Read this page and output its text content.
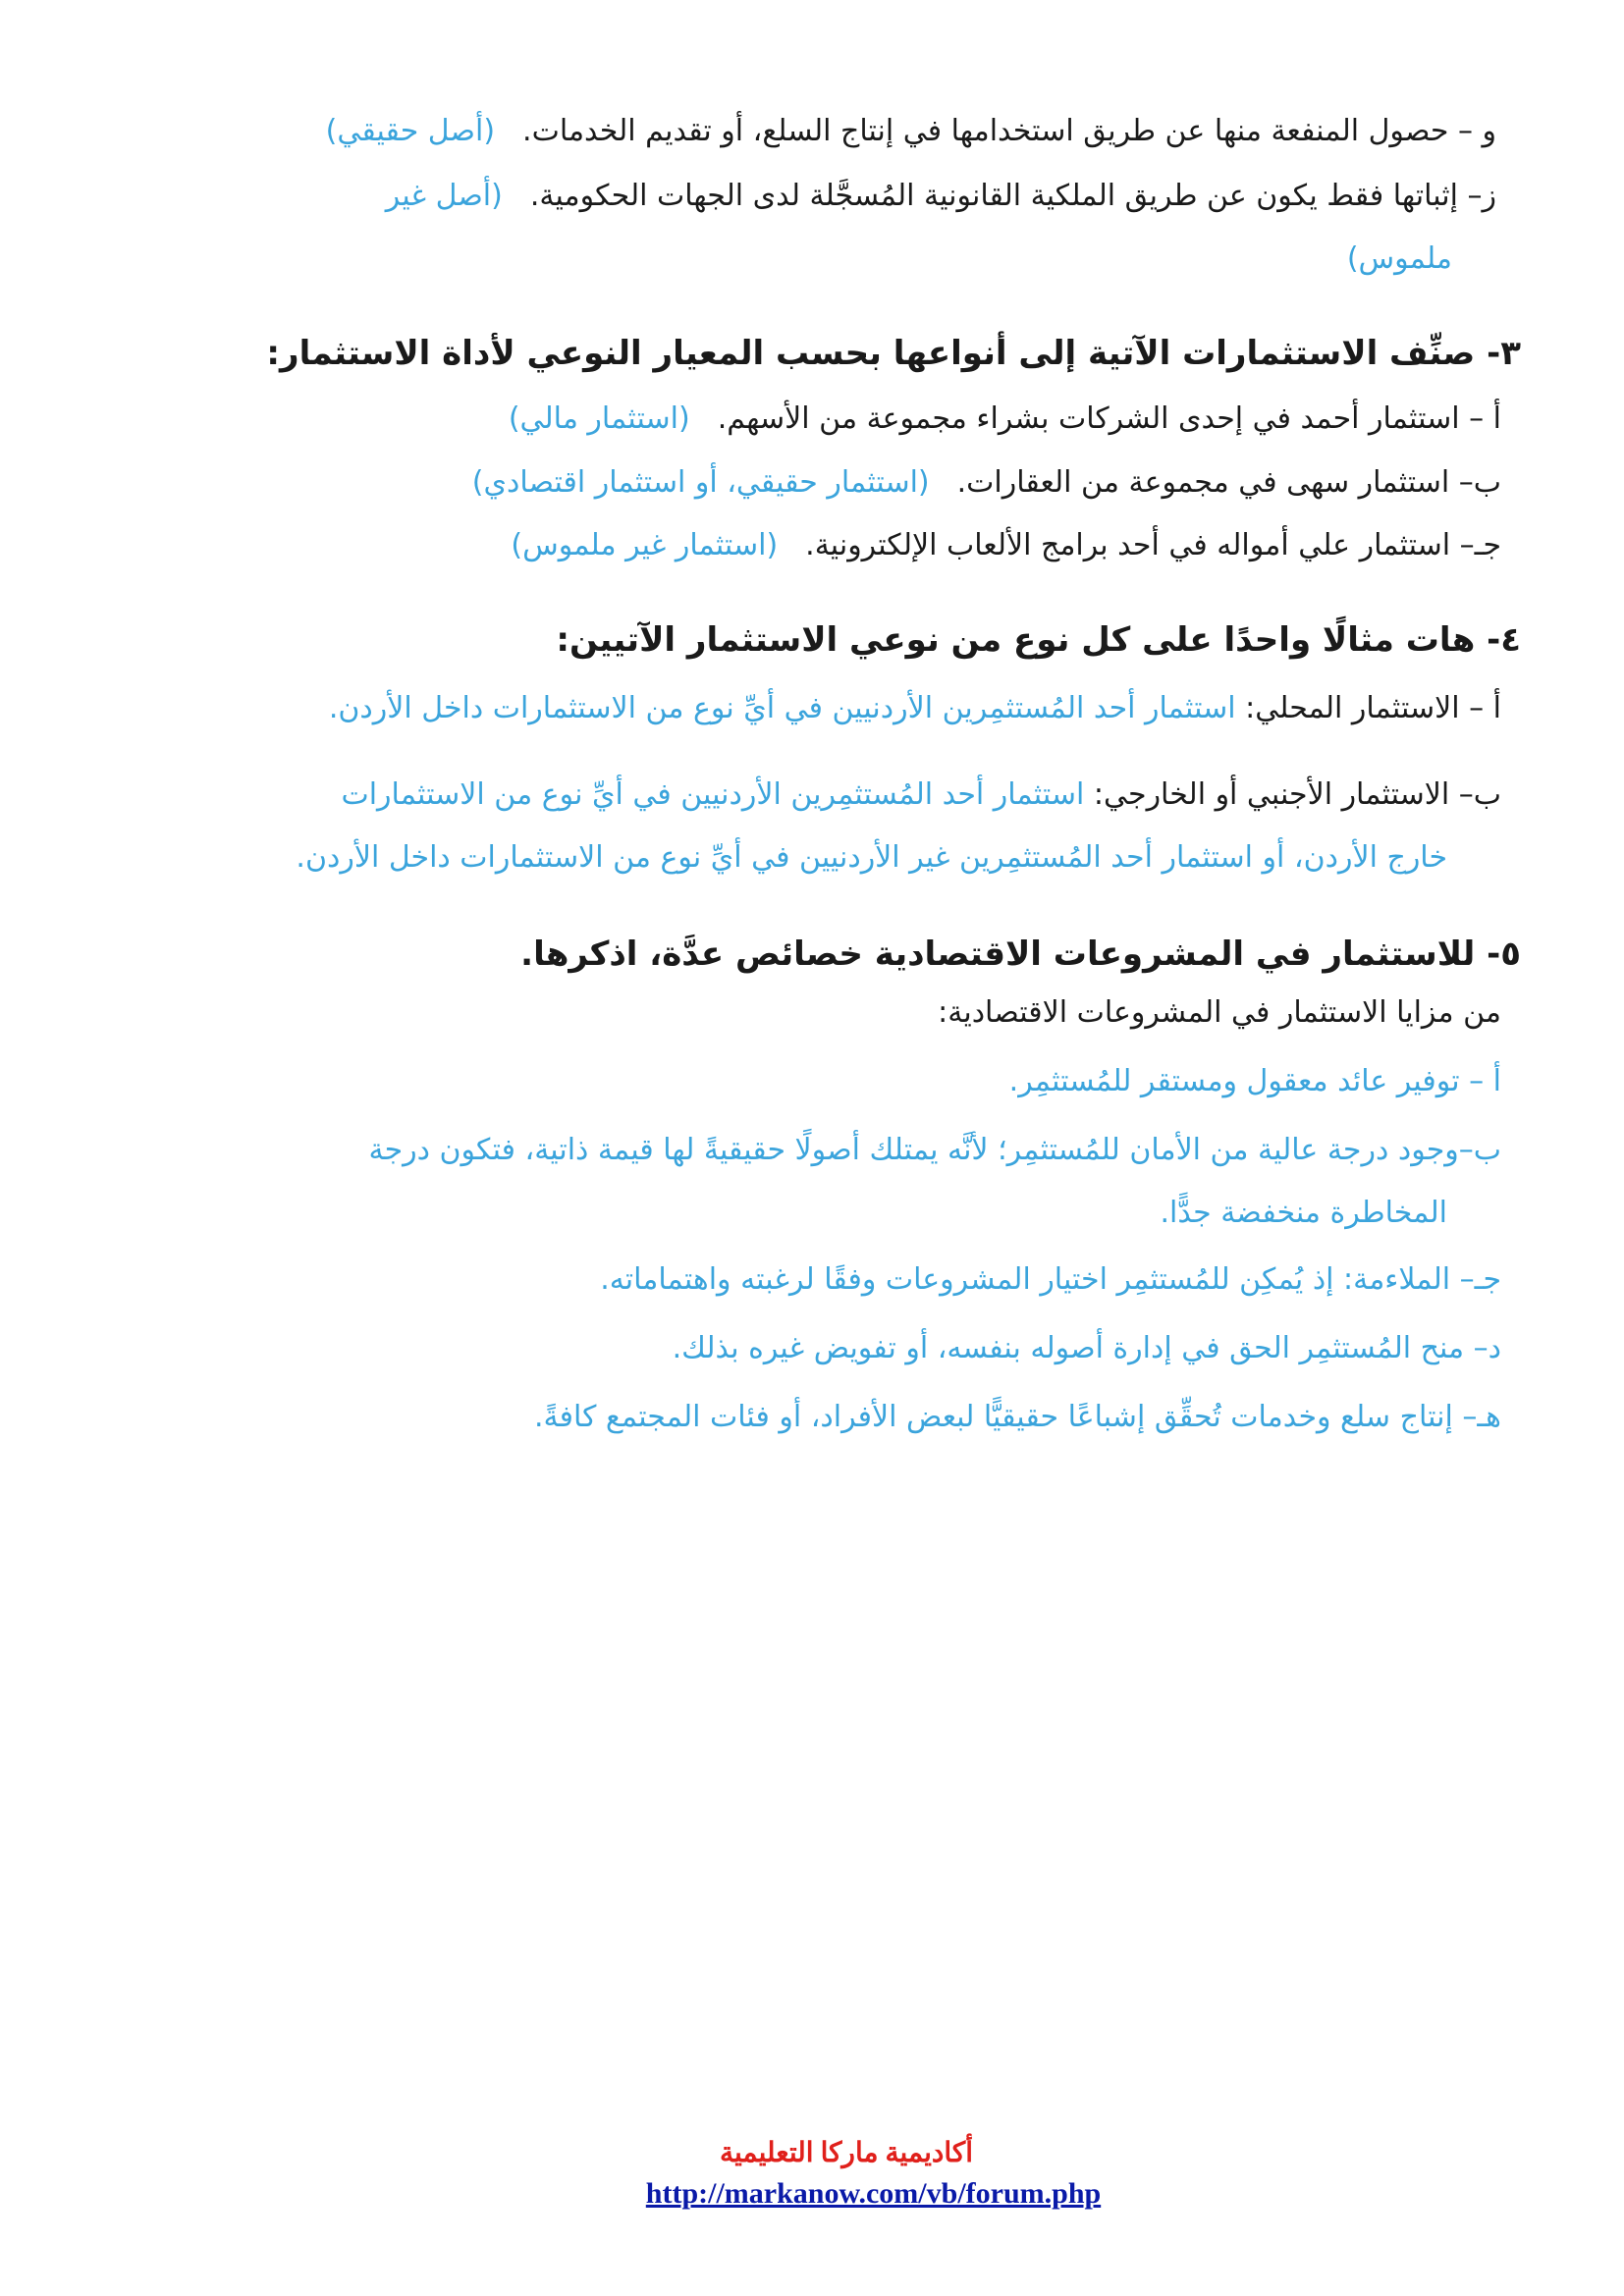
و – حصول المنفعة منها عن طريق استخدامها في إنتاج السلع، أو تقديم الخدمات.(أصل حقيقي)
ز– إثباتها فقط يكون عن طريق الملكية القانونية المُسجَّلة لدى الجهات الحكومية.(أصل غير
ملموس)
٣- صنِّف الاستثمارات الآتية إلى أنواعها بحسب المعيار النوعي لأداة الاستثمار:
أ – استثمار أحمد في إحدى الشركات بشراء مجموعة من الأسهم.(استثمار مالي)
ب– استثمار سهى في مجموعة من العقارات.(استثمار حقيقي، أو استثمار اقتصادي)
جـ– استثمار علي أمواله في أحد برامج الألعاب الإلكترونية.(استثمار غير ملموس)
٤- هات مثالًا واحدًا على كل نوع من نوعي الاستثمار الآتيين:
أ – الاستثمار المحلي: استثمار أحد المُستثمِرين الأردنيين في أيِّ نوع من الاستثمارات داخل الأردن.
ب– الاستثمار الأجنبي أو الخارجي: استثمار أحد المُستثمِرين الأردنيين في أيِّ نوع من الاستثمارات
خارج الأردن، أو استثمار أحد المُستثمِرين غير الأردنيين في أيِّ نوع من الاستثمارات داخل الأردن.
٥- للاستثمار في المشروعات الاقتصادية خصائص عدَّة، اذكرها.
من مزايا الاستثمار في المشروعات الاقتصادية:
أ – توفير عائد معقول ومستقر للمُستثمِر.
ب–وجود درجة عالية من الأمان للمُستثمِر؛ لأنَّه يمتلك أصولًا حقيقيةً لها قيمة ذاتية، فتكون درجة
المخاطرة منخفضة جدًّا.
جـ– الملاءمة: إذ يُمكِن للمُستثمِر اختيار المشروعات وفقًا لرغبته واهتماماته.
د– منح المُستثمِر الحق في إدارة أصوله بنفسه، أو تفويض غيره بذلك.
هـ– إنتاج سلع وخدمات تُحقِّق إشباعًا حقيقيًّا لبعض الأفراد، أو فئات المجتمع كافةً.
أكاديمية ماركا التعليمية
http://markanow.com/vb/forum.php
